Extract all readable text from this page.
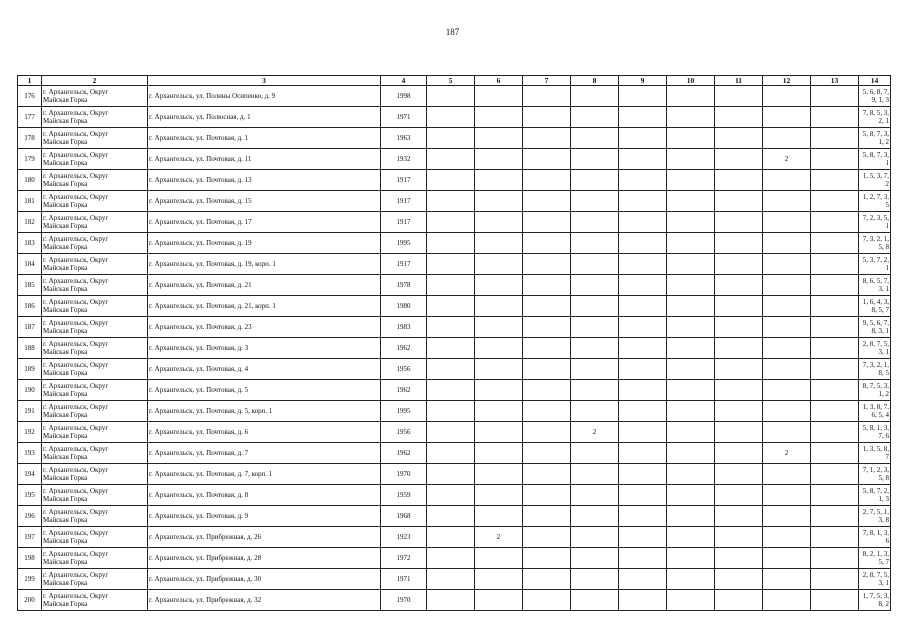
187
1	2	3	4	5	6	7	8	9	10	11	12	13	14
176	г. Архангельск, Округ
Майская Горка	г. Архангельск, ул. Полины Осипенко, д. 9	1998										5, 6, 8, 7, 9, 1, 3
177	г. Архангельск, Округ
Майская Горка	г. Архангельск, ул. Полюсная, д. 1	1971										7, 8, 5, 3, 2, 1
178	г. Архангельск, Округ
Майская Горка	г. Архангельск, ул. Почтовая, д. 1	1963										5, 8, 7, 3, 1, 2
179	г. Архангельск, Округ
Майская Горка	г. Архангельск, ул. Почтовая, д. 11	1932								2		5, 8, 7, 3, 1
180	г. Архангельск, Округ
Майская Горка	г. Архангельск, ул. Почтовая, д. 13	1917										1, 5, 3, 7, 2
181	г. Архангельск, Округ
Майская Горка	г. Архангельск, ул. Почтовая, д. 15	1917										1, 2, 7, 3, 5
182	г. Архангельск, Округ
Майская Горка	г. Архангельск, ул. Почтовая, д. 17	1917										7, 2, 3, 5, 1
183	г. Архангельск, Округ
Майская Горка	г. Архангельск, ул. Почтовая, д. 19	1995										7, 3, 2, 1, 5, 8
184	г. Архангельск, Округ
Майская Горка	г. Архангельск, ул. Почтовая, д. 19, корп. 1	1917										5, 3, 7, 2, 1
185	г. Архангельск, Округ
Майская Горка	г. Архангельск, ул. Почтовая, д. 21	1978										8, 6, 5, 7, 3, 1
186	г. Архангельск, Округ
Майская Горка	г. Архангельск, ул. Почтовая, д. 21, корп. 1	1980										1, 6, 4, 3, 8, 5, 7
187	г. Архангельск, Округ
Майская Горка	г. Архангельск, ул. Почтовая, д. 23	1983										9, 5, 6, 7, 8, 3, 1
188	г. Архангельск, Округ
Майская Горка	г. Архангельск, ул. Почтовая, д. 3	1962										2, 8, 7, 5, 3, 1
189	г. Архангельск, Округ
Майская Горка	г. Архангельск, ул. Почтовая, д. 4	1956										7, 3, 2, 1, 8, 5
190	г. Архангельск, Округ
Майская Горка	г. Архангельск, ул. Почтовая, д. 5	1962										8, 7, 5, 3, 1, 2
191	г. Архангельск, Округ
Майская Горка	г. Архангельск, ул. Почтовая, д. 5, корп. 1	1995										1, 3, 8, 7, 6, 5, 4
192	г. Архангельск, Округ
Майская Горка	г. Архангельск, ул. Почтовая, д. 6	1956				2						5, 8, 1, 3, 7, 6
193	г. Архангельск, Округ
Майская Горка	г. Архангельск, ул. Почтовая, д. 7	1962								2		1, 3, 5, 8, 7
194	г. Архангельск, Округ
Майская Горка	г. Архангельск, ул. Почтовая, д. 7, корп. 1	1970										7, 1, 2, 3, 5, 8
195	г. Архангельск, Округ
Майская Горка	г. Архангельск, ул. Почтовая, д. 8	1959										5, 8, 7, 2, 1, 3
196	г. Архангельск, Округ
Майская Горка	г. Архангельск, ул. Почтовая, д. 9	1968										2, 7, 5, 1, 3, 8
197	г. Архангельск, Округ
Майская Горка	г. Архангельск, ул. Прибрежная, д. 26	1923		2								7, 8, 1, 3, 6
198	г. Архангельск, Округ
Майская Горка	г. Архангельск, ул. Прибрежная, д. 28	1972										8, 2, 1, 3, 5, 7
199	г. Архангельск, Округ
Майская Горка	г. Архангельск, ул. Прибрежная, д. 30	1971										2, 8, 7, 5, 3, 1
200	г. Архангельск, Округ
Майская Горка	г. Архангельск, ул. Прибрежная, д. 32	1970										1, 7, 5, 3, 8, 2
